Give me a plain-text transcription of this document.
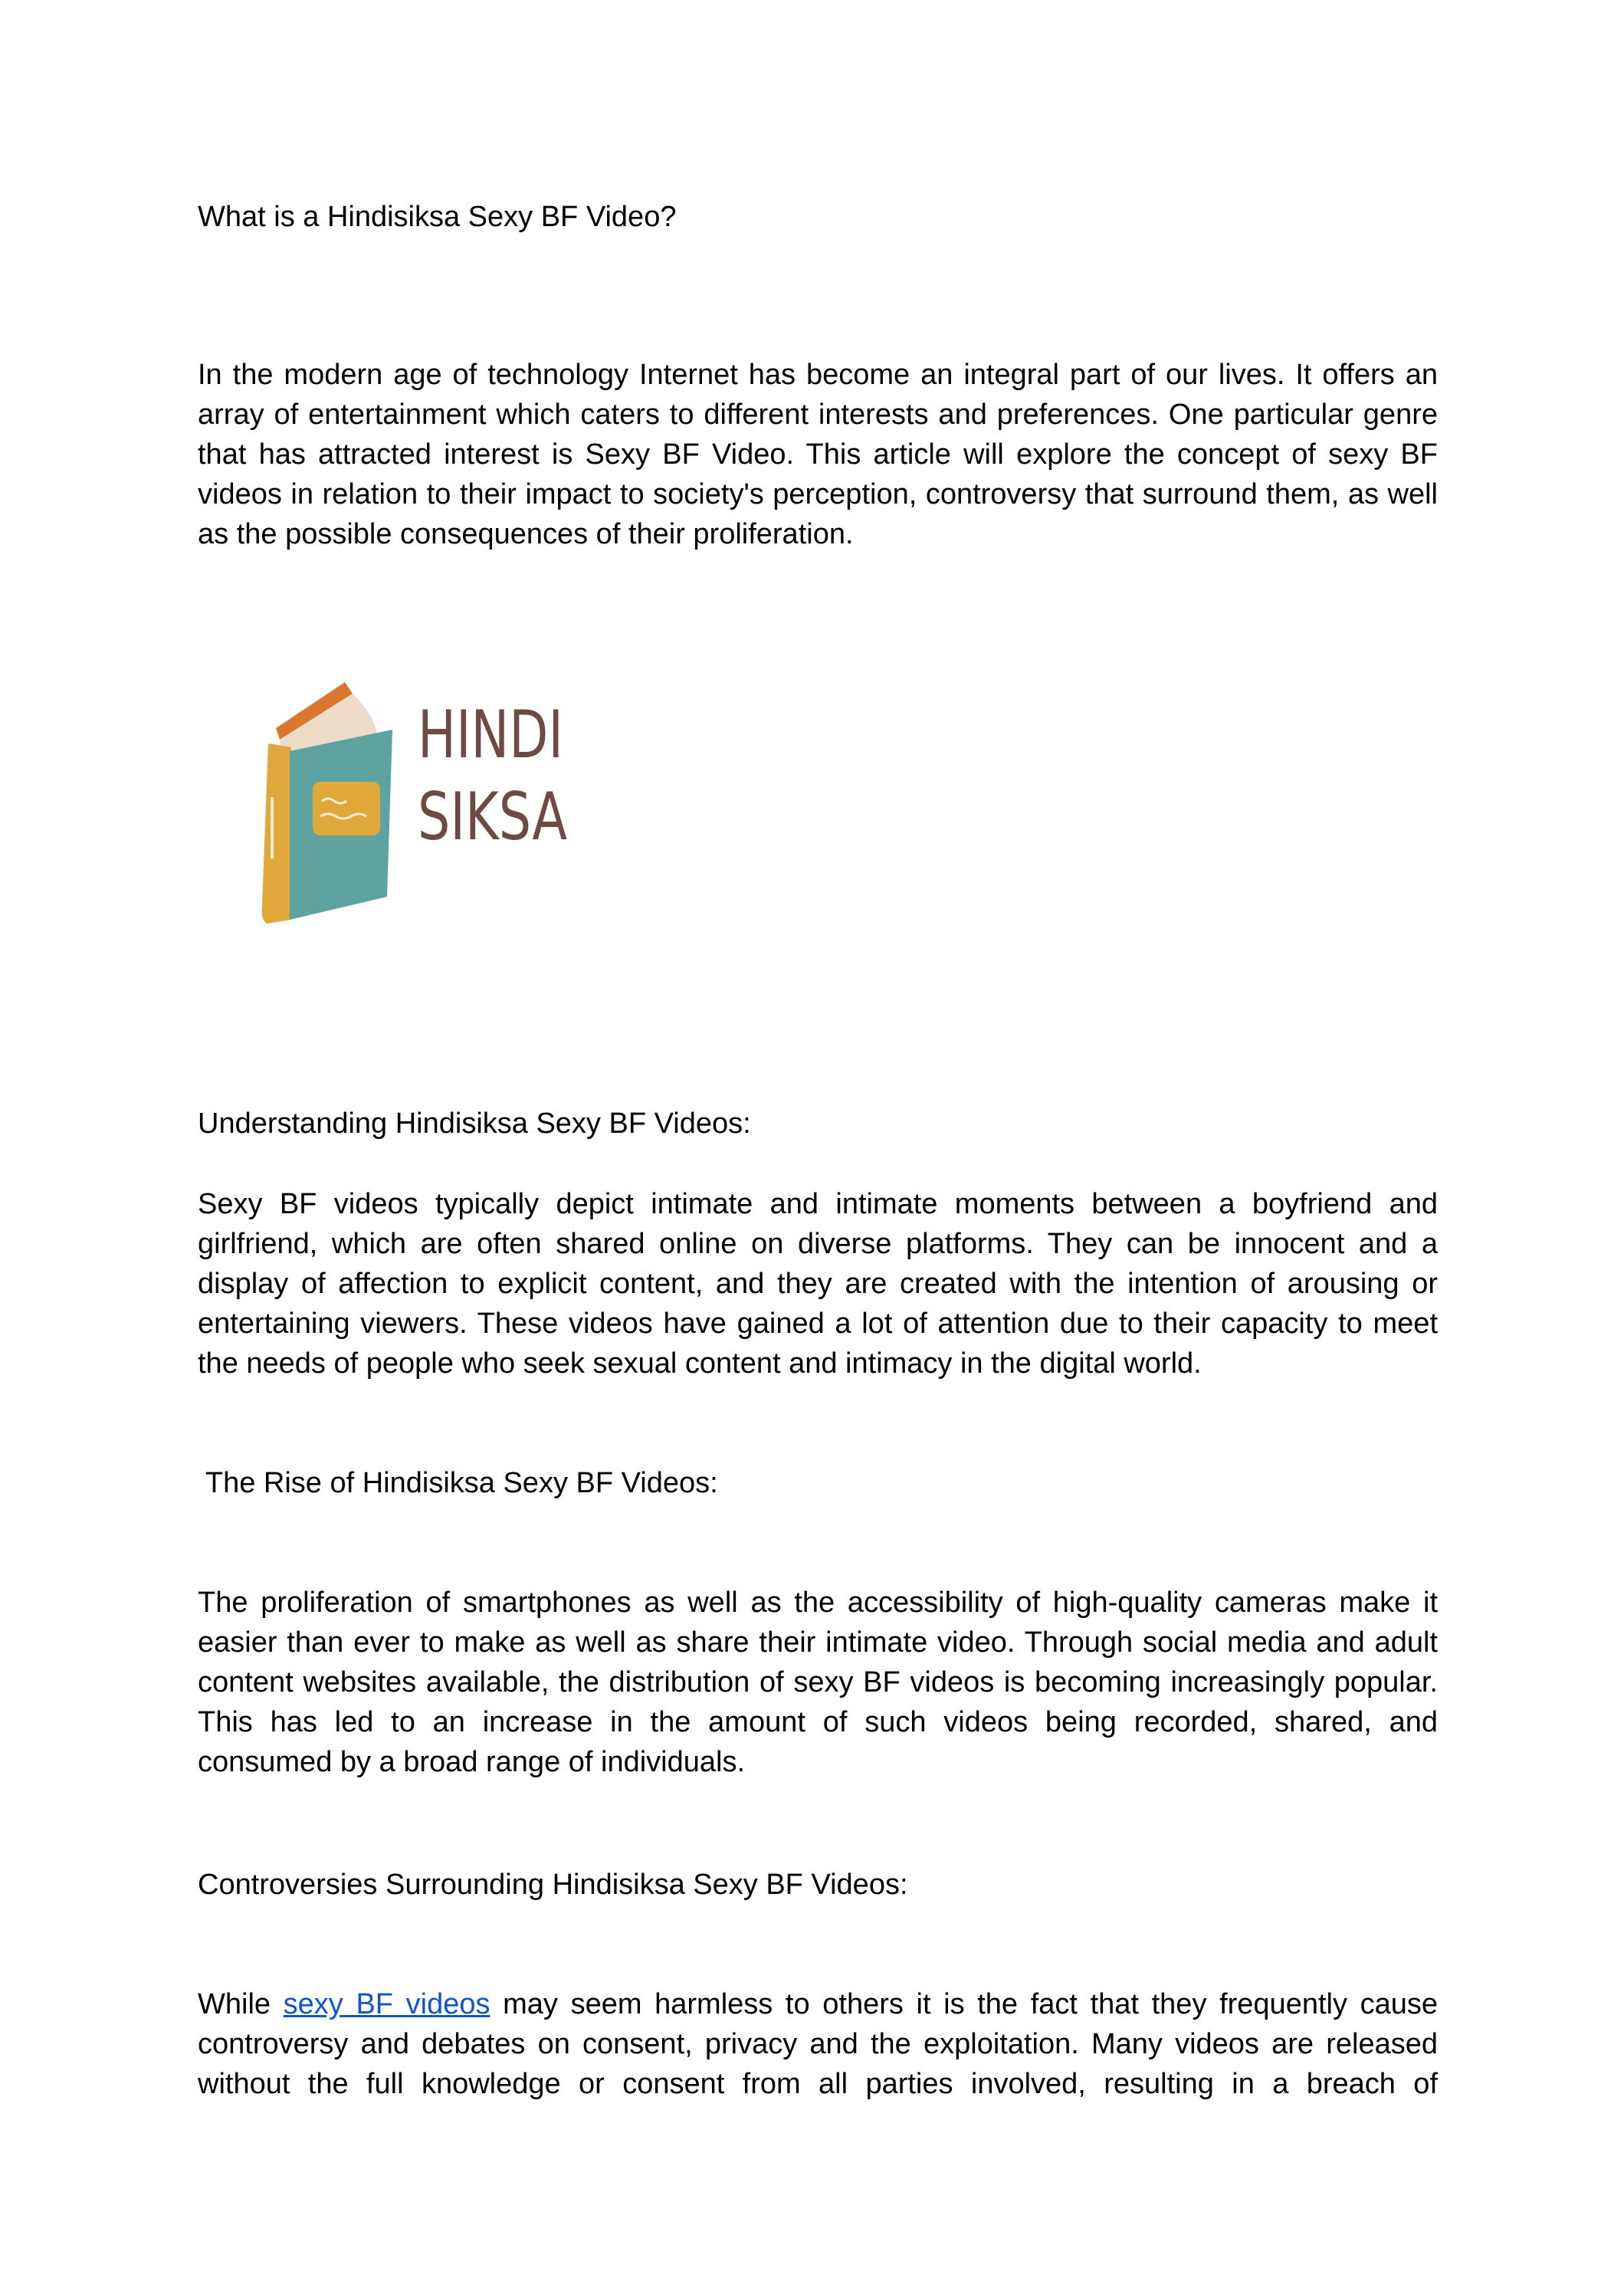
What is a Hindisiksa Sexy BF Video?
In the modern age of technology Internet has become an integral part of our lives. It offers an array of entertainment which caters to different interests and preferences. One particular genre that has attracted interest is Sexy BF Video. This article will explore the concept of sexy BF videos in relation to their impact to society's perception, controversy that surround them, as well as the possible consequences of their proliferation.
HINDI
SIKSA
Understanding Hindisiksa Sexy BF Videos:
Sexy BF videos typically depict intimate and intimate moments between a boyfriend and girlfriend, which are often shared online on diverse platforms. They can be innocent and a display of affection to explicit content, and they are created with the intention of arousing or entertaining viewers. These videos have gained a lot of attention due to their capacity to meet the needs of people who seek sexual content and intimacy in the digital world.
The Rise of Hindisiksa Sexy BF Videos:
The proliferation of smartphones as well as the accessibility of high-quality cameras make it easier than ever to make as well as share their intimate video. Through social media and adult content websites available, the distribution of sexy BF videos is becoming increasingly popular. This has led to an increase in the amount of such videos being recorded, shared, and consumed by a broad range of individuals.
Controversies Surrounding Hindisiksa Sexy BF Videos:
While sexy BF videos may seem harmless to others it is the fact that they frequently cause controversy and debates on consent, privacy and the exploitation. Many videos are released without the full knowledge or consent from all parties involved, resulting in a breach of
